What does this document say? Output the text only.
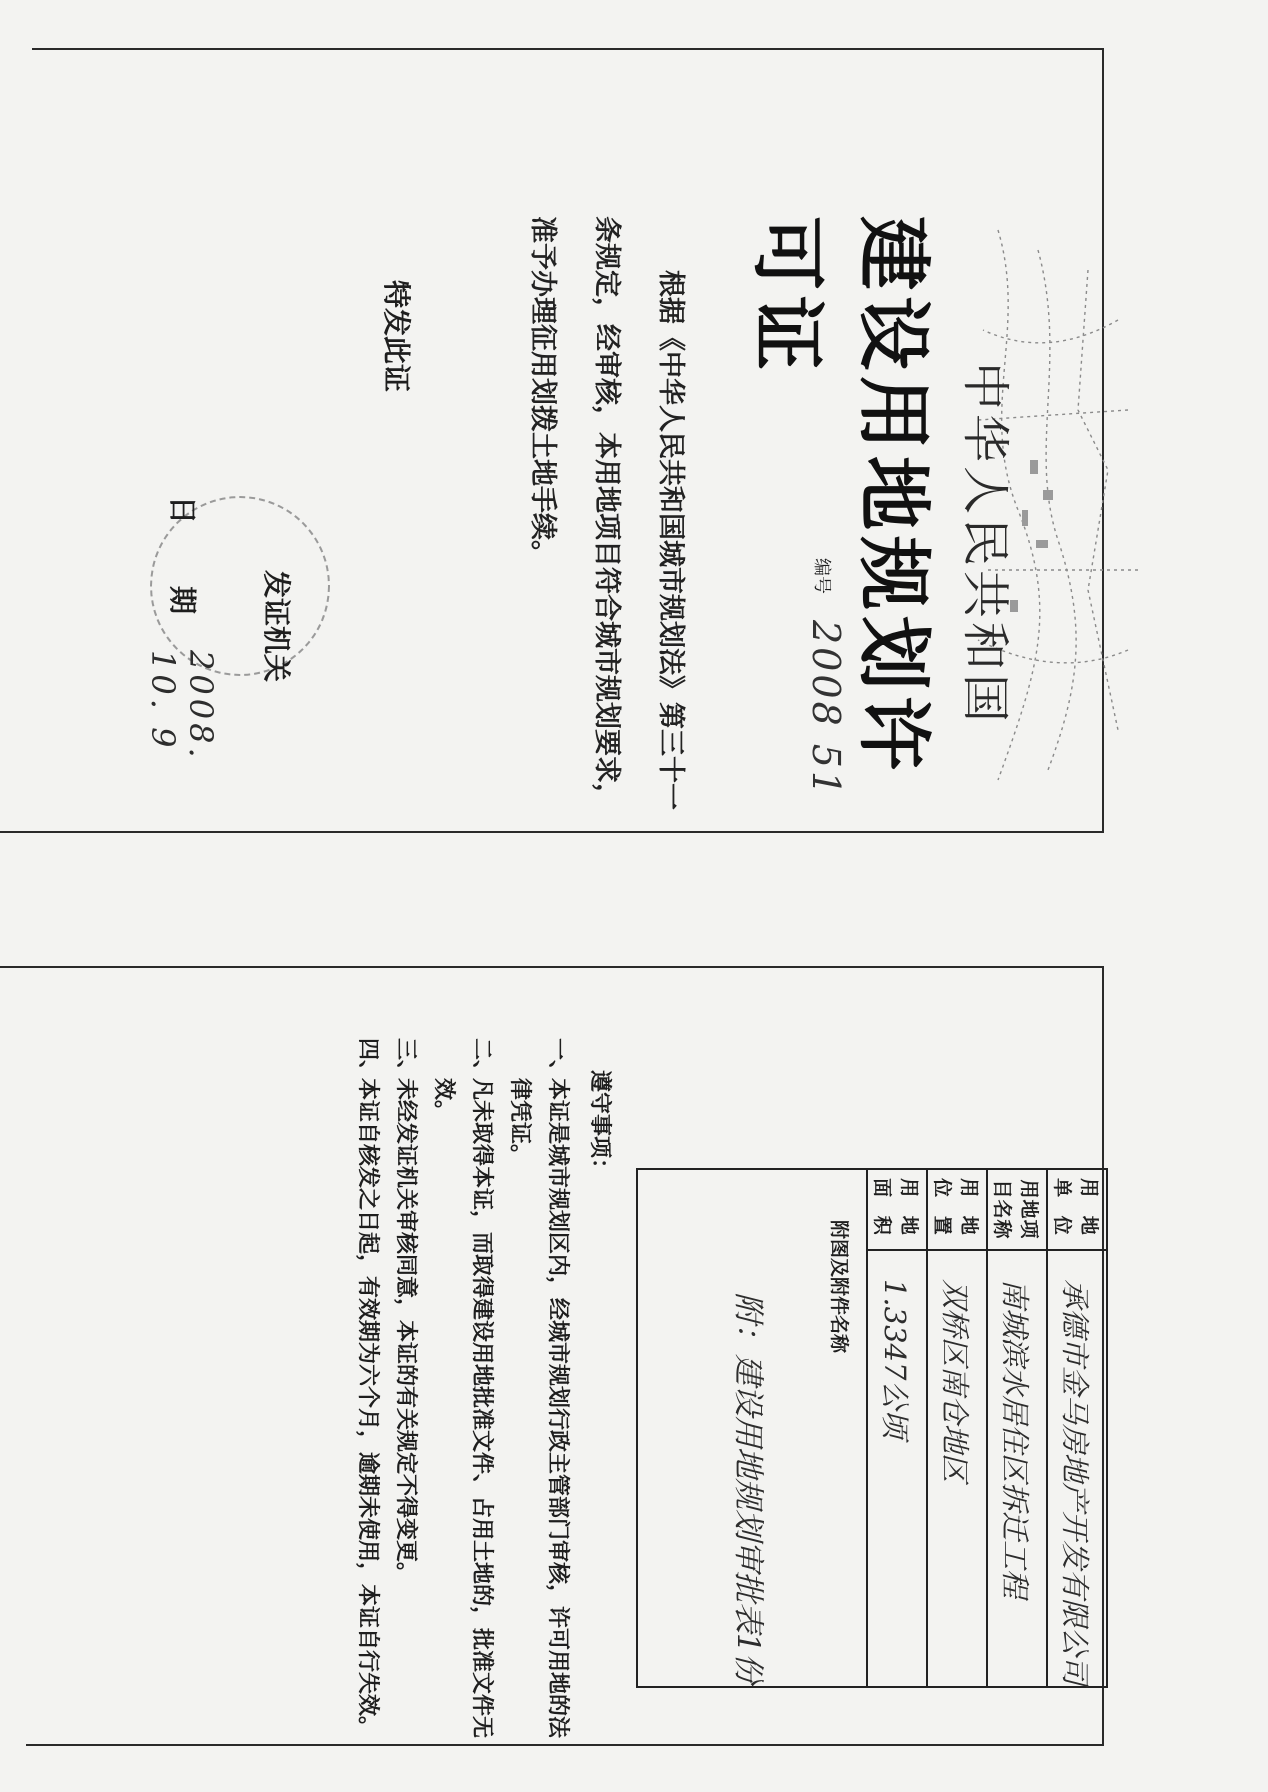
中华人民共和国
建设用地规划许可证
编号
2008 51
根据《中华人民共和国城市规划法》第三十一条规定，经审核，本用地项目符合城市规划要求，准予办理征用划拨土地手续。
特发此证
发证机关
日期
2008. 10. 9
用 地 单 位	承德市金马房地产开发有限公司
用地项目名称	南城滨水居住区拆迁工程
用 地 位 置	双桥区南仓地区
用 地 面 积	1.3347公顷

附图及附件名称
附：建设用地规划审批表1份	
遵守事项：
一、
本证是城市规划区内，经城市规划行政主管部门审核，许可用地的法律凭证。
二、
凡未取得本证，而取得建设用地批准文件、占用土地的，批准文件无效。
三、
未经发证机关审核同意，本证的有关规定不得变更。
四、
本证自核发之日起，有效期为六个月，逾期未使用，本证自行失效。
